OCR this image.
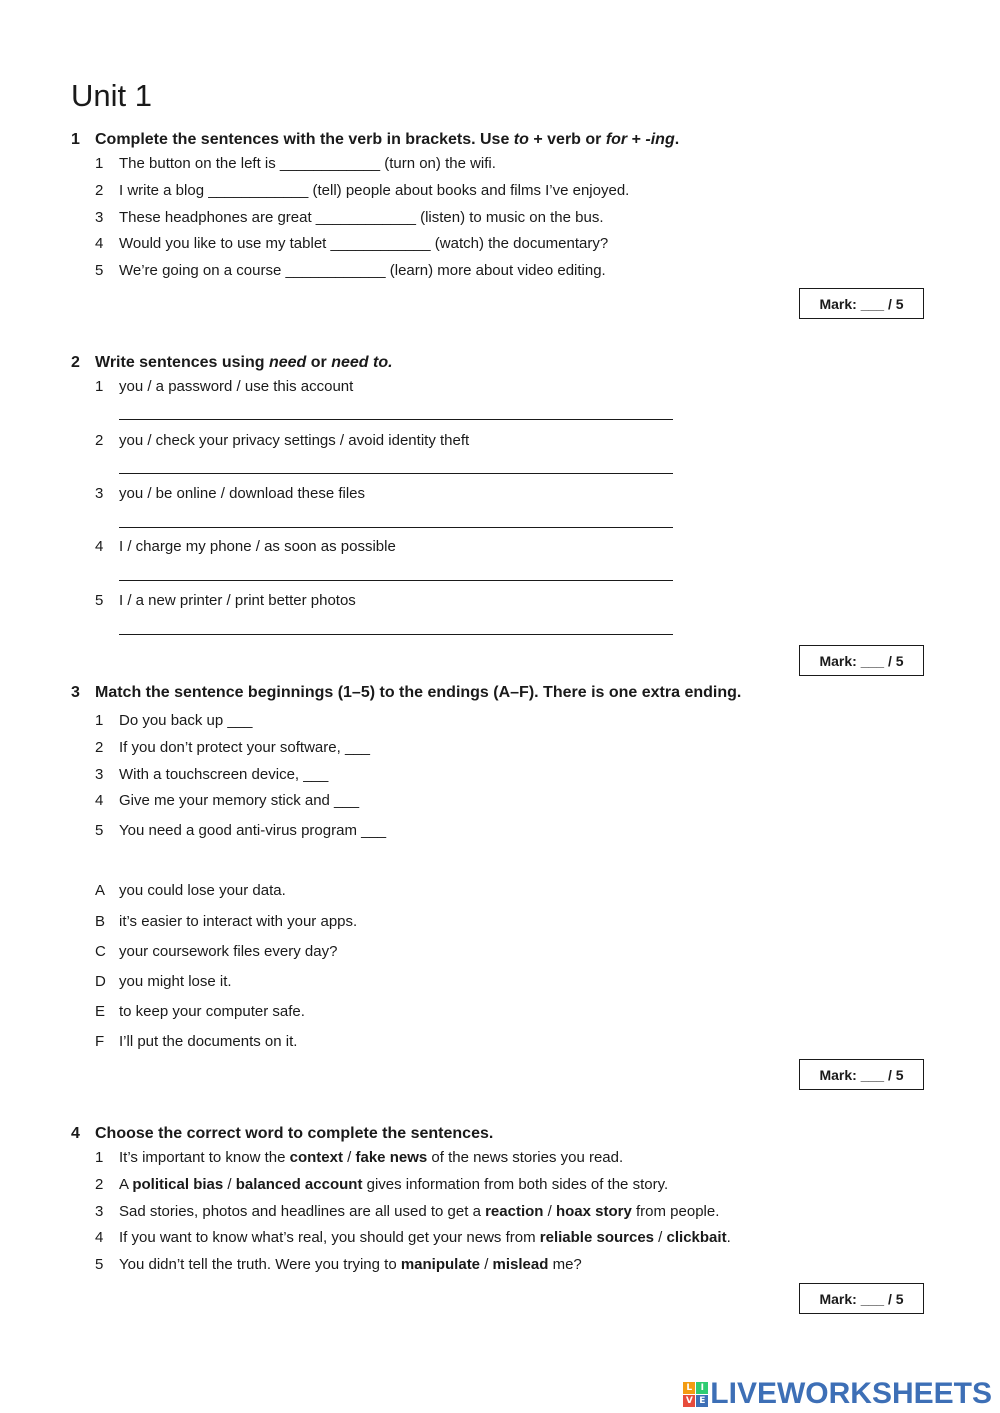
Unit 1
1 Complete the sentences with the verb in brackets. Use to + verb or for + -ing.
1 The button on the left is ____________ (turn on) the wifi.
2 I write a blog ____________ (tell) people about books and films I’ve enjoyed.
3 These headphones are great ____________ (listen) to music on the bus.
4 Would you like to use my tablet ____________ (watch) the documentary?
5 We’re going on a course ____________ (learn) more about video editing.
Mark: ___ / 5
2 Write sentences using need or need to.
1 you / a password / use this account
2 you / check your privacy settings / avoid identity theft
3 you / be online / download these files
4 I / charge my phone / as soon as possible
5 I / a new printer / print better photos
Mark: ___ / 5
3 Match the sentence beginnings (1–5) to the endings (A–F). There is one extra ending.
1 Do you back up ___
2 If you don’t protect your software, ___
3 With a touchscreen device, ___
4 Give me your memory stick and ___
5 You need a good anti-virus program ___
A you could lose your data.
B it’s easier to interact with your apps.
C your coursework files every day?
D you might lose it.
E to keep your computer safe.
F I’ll put the documents on it.
Mark: ___ / 5
4 Choose the correct word to complete the sentences.
1 It’s important to know the context / fake news of the news stories you read.
2 A political bias / balanced account gives information from both sides of the story.
3 Sad stories, photos and headlines are all used to get a reaction / hoax story from people.
4 If you want to know what’s real, you should get your news from reliable sources / clickbait.
5 You didn’t tell the truth. Were you trying to manipulate / mislead me?
Mark: ___ / 5
L I
V E LIVEWORKSHEETS
